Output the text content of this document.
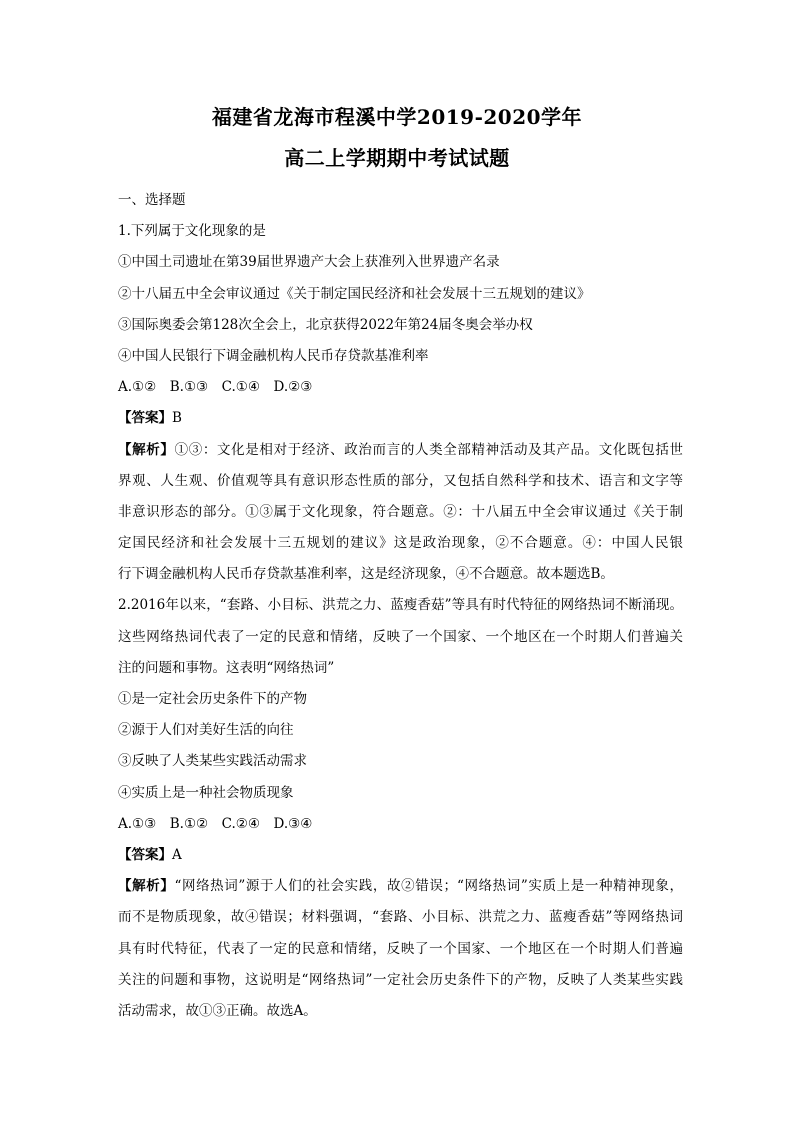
福建省龙海市程溪中学2019-2020学年
高二上学期期中考试试题
一、选择题
1.下列属于文化现象的是
①中国土司遗址在第39届世界遗产大会上获准列入世界遗产名录
②十八届五中全会审议通过《关于制定国民经济和社会发展十三五规划的建议》
③国际奥委会第128次全会上，北京获得2022年第24届冬奥会举办权
④中国人民银行下调金融机构人民币存贷款基准利率
A.①②　B.①③　C.①④　D.②③
【答案】B
【解析】①③：文化是相对于经济、政治而言的人类全部精神活动及其产品。文化既包括世
界观、人生观、价值观等具有意识形态性质的部分，又包括自然科学和技术、语言和文字等
非意识形态的部分。①③属于文化现象，符合题意。②：十八届五中全会审议通过《关于制
定国民经济和社会发展十三五规划的建议》这是政治现象，②不合题意。④：中国人民银
行下调金融机构人民币存贷款基准利率，这是经济现象，④不合题意。故本题选B。
2.2016年以来，“套路、小目标、洪荒之力、蓝瘦香菇”等具有时代特征的网络热词不断涌现。
这些网络热词代表了一定的民意和情绪，反映了一个国家、一个地区在一个时期人们普遍关
注的问题和事物。这表明“网络热词”
①是一定社会历史条件下的产物
②源于人们对美好生活的向往
③反映了人类某些实践活动需求
④实质上是一种社会物质现象
A.①③　B.①②　C.②④　D.③④
【答案】A
【解析】“网络热词”源于人们的社会实践，故②错误；“网络热词”实质上是一种精神现象，
而不是物质现象，故④错误；材料强调，“套路、小目标、洪荒之力、蓝瘦香菇”等网络热词
具有时代特征，代表了一定的民意和情绪，反映了一个国家、一个地区在一个时期人们普遍
关注的问题和事物，这说明是“网络热词”一定社会历史条件下的产物，反映了人类某些实践
活动需求，故①③正确。故选A。
